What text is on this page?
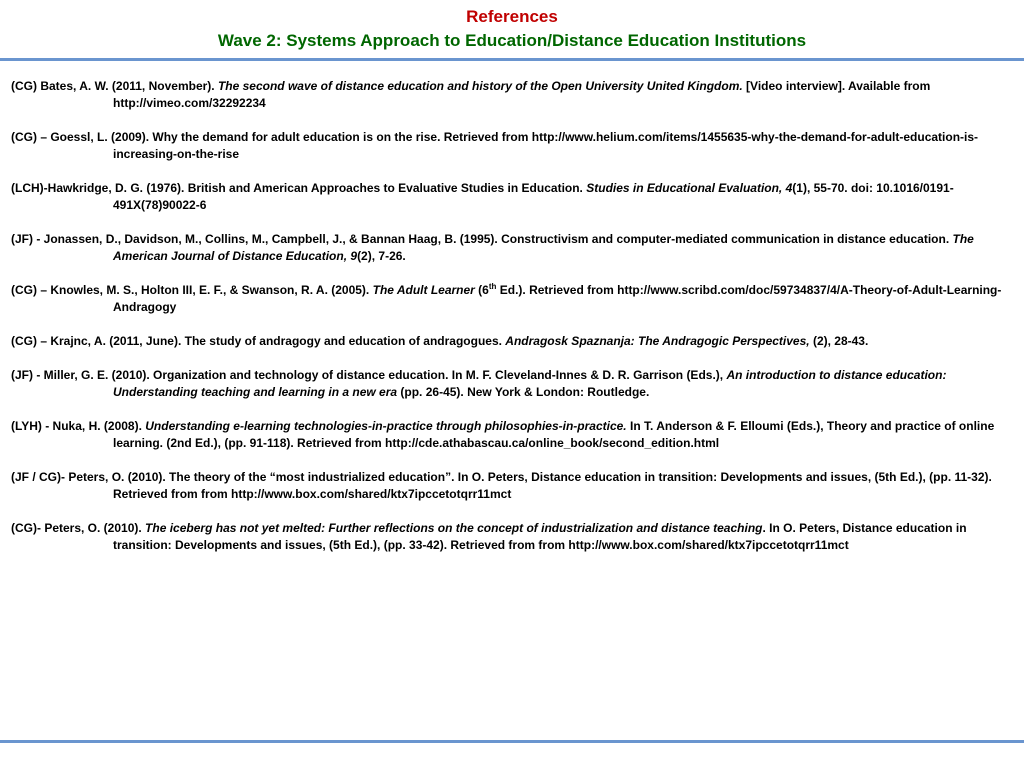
References
Wave 2: Systems Approach to Education/Distance Education Institutions

(CG) Bates, A. W. (2011, November). The second wave of distance education and history of the Open University United Kingdom. [Video interview]. Available from http://vimeo.com/32292234

(CG) – Goessl, L. (2009). Why the demand for adult education is on the rise. Retrieved from http://www.helium.com/items/1455635-why-the-demand-for-adult-education-is-increasing-on-the-rise

(LCH)-Hawkridge, D. G. (1976). British and American Approaches to Evaluative Studies in Education. Studies in Educational Evaluation, 4(1), 55-70. doi: 10.1016/0191-491X(78)90022-6

(JF) - Jonassen, D., Davidson, M., Collins, M., Campbell, J., & Bannan Haag, B. (1995). Constructivism and computer-mediated communication in distance education. The American Journal of Distance Education, 9(2), 7-26.

(CG) – Knowles, M. S., Holton III, E. F., & Swanson, R. A. (2005). The Adult Learner (6th Ed.). Retrieved from http://www.scribd.com/doc/59734837/4/A-Theory-of-Adult-Learning-Andragogy

(CG) – Krajnc, A. (2011, June). The study of andragogy and education of andragogues. Andragosk Spaznanja: The Andragogic Perspectives, (2), 28-43.

(JF) - Miller, G. E. (2010). Organization and technology of distance education. In M. F. Cleveland-Innes & D. R. Garrison (Eds.), An introduction to distance education: Understanding teaching and learning in a new era (pp. 26-45). New York & London: Routledge.

(LYH) - Nuka, H. (2008). Understanding e-learning technologies-in-practice through philosophies-in-practice. In T. Anderson & F. Elloumi (Eds.), Theory and practice of online learning. (2nd Ed.), (pp. 91-118). Retrieved from http://cde.athabascau.ca/online_book/second_edition.html

(JF / CG)- Peters, O. (2010). The theory of the “most industrialized education”. In O. Peters, Distance education in transition: Developments and issues, (5th Ed.), (pp. 11-32). Retrieved from from http://www.box.com/shared/ktx7ipccetotqrr11mct

(CG)- Peters, O. (2010). The iceberg has not yet melted: Further reflections on the concept of industrialization and distance teaching. In O. Peters, Distance education in transition: Developments and issues, (5th Ed.), (pp. 33-42). Retrieved from from http://www.box.com/shared/ktx7ipccetotqrr11mct
